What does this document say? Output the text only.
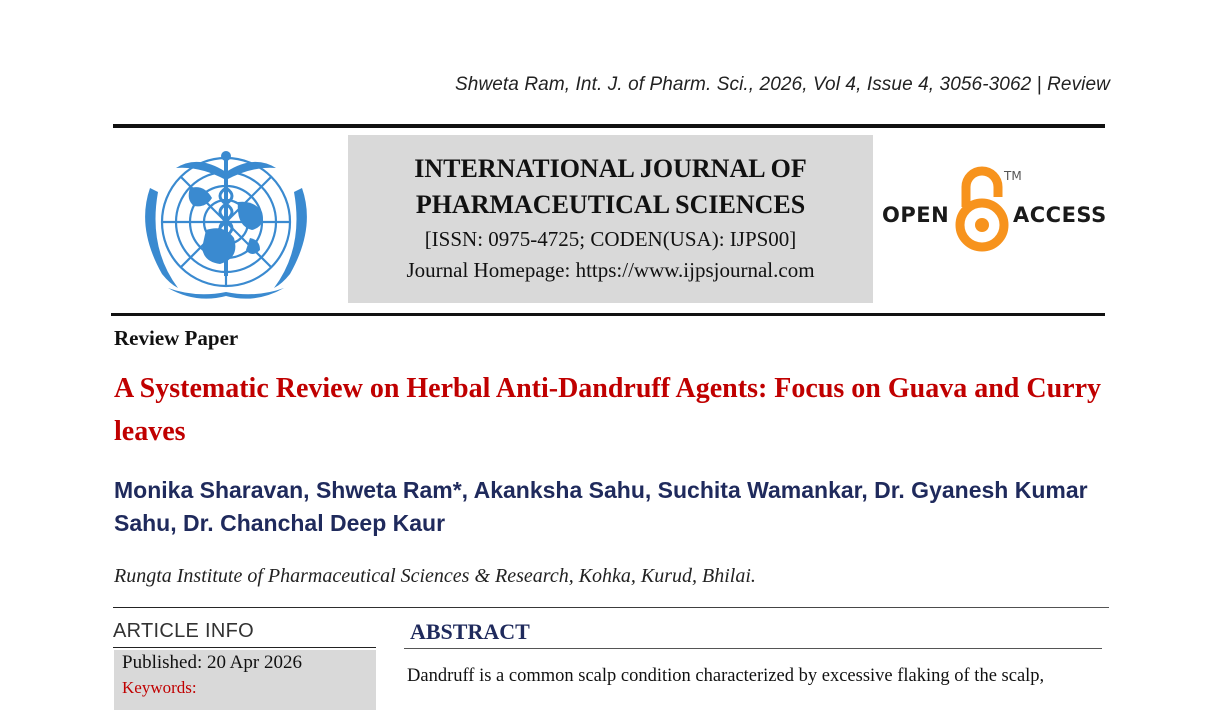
Shweta Ram, Int. J. of Pharm. Sci., 2026, Vol 4, Issue 4, 3056-3062 | Review
INTERNATIONAL JOURNAL OF
PHARMACEUTICAL SCIENCES
[ISSN: 0975-4725; CODEN(USA): IJPS00]
Journal Homepage: https://www.ijpsjournal.com
OPEN
TM
ACCESS
Review Paper
A Systematic Review on Herbal Anti-Dandruff Agents: Focus on Guava and Curry leaves
Monika Sharavan, Shweta Ram*, Akanksha Sahu, Suchita Wamankar, Dr. Gyanesh Kumar Sahu, Dr. Chanchal Deep Kaur
Rungta Institute of Pharmaceutical Sciences & Research, Kohka, Kurud, Bhilai.
ARTICLE INFO
Published: 20 Apr 2026
Keywords:
ABSTRACT
Dandruff is a common scalp condition characterized by excessive flaking of the scalp,
